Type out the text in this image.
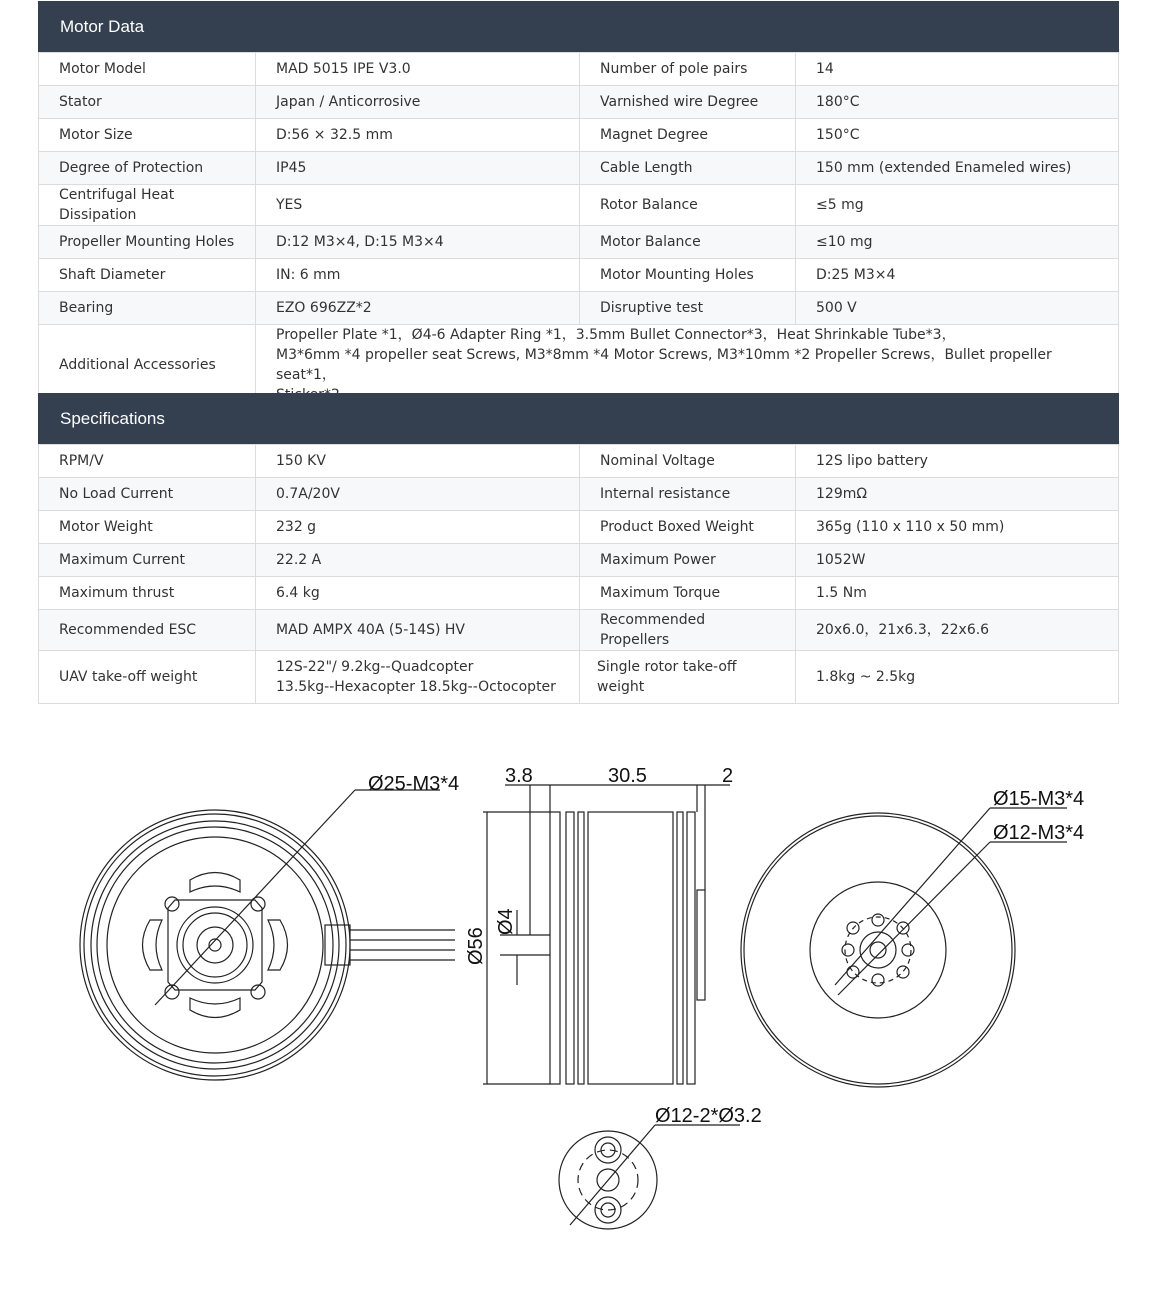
Motor Data
Motor Model	MAD 5015 IPE V3.0	Number of pole pairs	14
Stator	Japan / Anticorrosive	Varnished wire Degree	180°C
Motor Size	D:56 × 32.5 mm	Magnet Degree	150°C
Degree of Protection	IP45	Cable Length	150 mm (extended Enameled wires)
Centrifugal Heat Dissipation	YES	Rotor Balance	≤5 mg
Propeller Mounting Holes	D:12 M3×4, D:15 M3×4	Motor Balance	≤10 mg
Shaft Diameter	IN: 6 mm	Motor Mounting Holes	D:25 M3×4
Bearing	EZO 696ZZ*2	Disruptive test	500 V
Additional Accessories	Propeller Plate *1，Ø4-6 Adapter Ring *1，3.5mm Bullet Connector*3，Heat Shrinkable Tube*3，
M3*6mm *4 propeller seat Screws, M3*8mm *4 Motor Screws, M3*10mm *2 Propeller Screws，Bullet propeller seat*1，		
Specifications
RPM/V	150 KV	Nominal Voltage	12S lipo battery
No Load Current	0.7A/20V	Internal resistance	129mΩ
Motor Weight	232 g	Product Boxed Weight	365g (110 x 110 x 50 mm)
Maximum Current	22.2 A	Maximum Power	1052W
Maximum thrust	6.4 kg	Maximum Torque	1.5 Nm
Recommended ESC	MAD AMPX 40A (5-14S) HV	Recommended Propellers	20x6.0，21x6.3，22x6.6
UAV take-off weight	12S-22"/ 9.2kg--Quadcopter
13.5kg--Hexacopter 18.5kg--Octocopter	Single rotor take-off weight	1.8kg ~ 2.5kg
Ø25-M3*4 3.8	30.5	2
Ø4
Ø56
Ø15-M3*4
Ø12-M3*4
Ø12-2*Ø3.2
